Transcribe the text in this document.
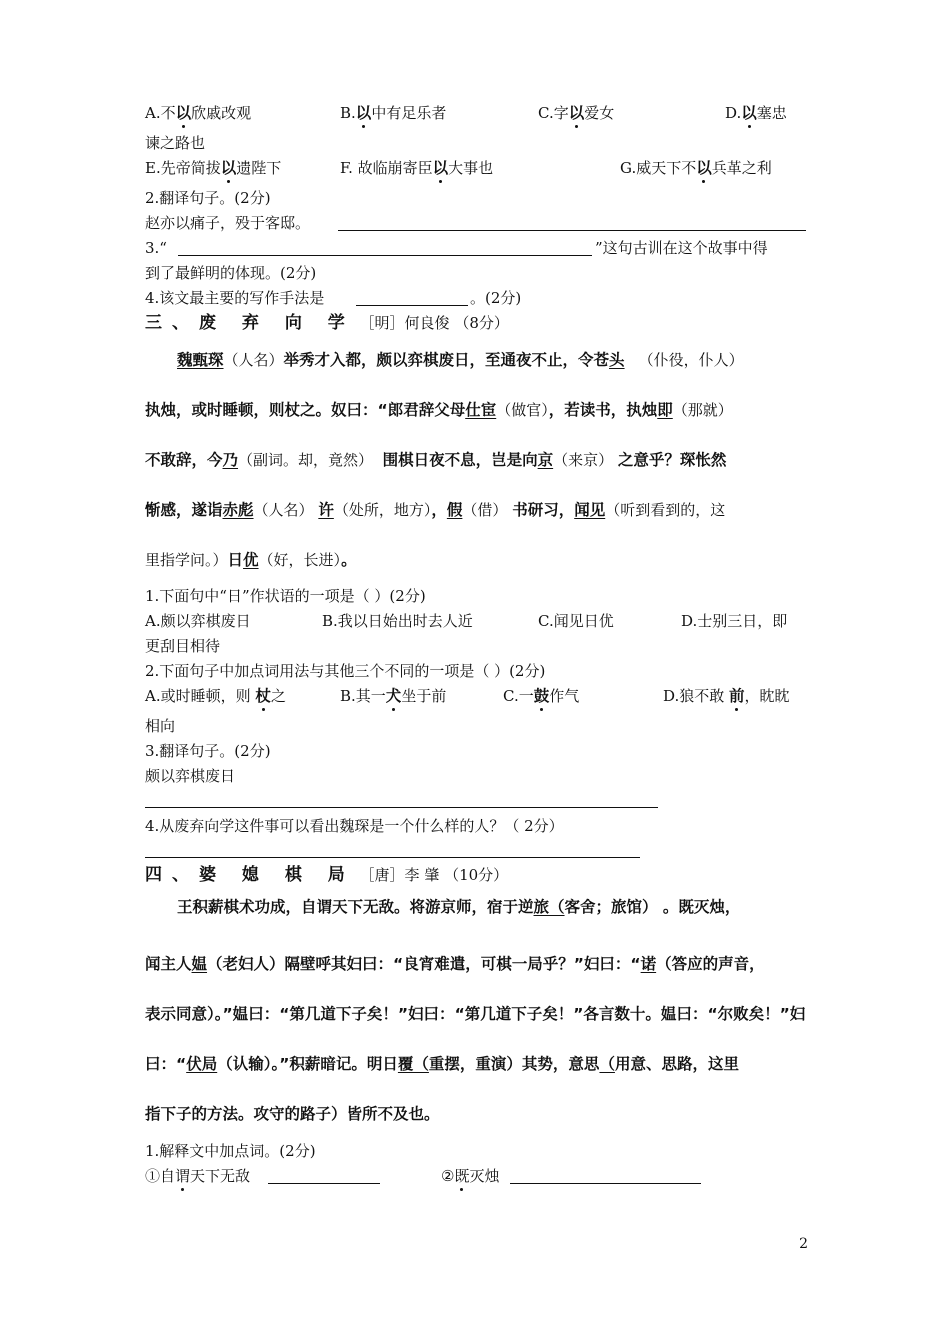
A.不以欣戚改观	B.以中有足乐者	C.字以爱女	D.以塞忠
谏之路也
E.先帝简拔以遗陛下	F. 故临崩寄臣以大事也	G.威天下不以兵革之利
2.翻译句子。(2分)
赵亦以痛子，殁于客邸。
3.“	”这句古训在这个故事中得
到了最鲜明的体现。(2分)
4.该文最主要的写作手法是	。(2分)
三、废 弃 向 学 ［明］何良俊 （8分）
魏甄琛（人名）举秀才入都，颇以弈棋废日，至通夜不止，令苍头 （仆役，仆人）
执烛，或时睡顿，则杖之。奴曰：“郎君辞父母仕宦（做官），若读书，执烛即（那就）
不敢辞，今乃（副词。却，竟然） 围棋日夜不息，岂是向京（来京） 之意乎？琛怅然
惭感，遂诣赤彪（人名） 许（处所，地方），假（借） 书研习，闻见（听到看到的，这
里指学问。）日优（好，长进）。
1.下面句中“日”作状语的一项是（ ）(2分)
A.颇以弈棋废日	B.我以日始出时去人近	C.闻见日优	D.士别三日，即
更刮目相待
2.下面句子中加点词用法与其他三个不同的一项是（ ）(2分)
A.或时睡顿，则 杖之	B.其一犬坐于前	C.一鼓作气	D.狼不敢 前，眈眈
相向
3.翻译句子。(2分)
颇以弈棋废日
4.从废弃向学这件事可以看出魏琛是一个什么样的人？（ 2分）
四、婆 媳 棋 局 ［唐］李 肇 （10分）
王积薪棋术功成，自谓天下无敌。将游京师，宿于逆旅（客舍；旅馆） 。既灭烛，
闻主人媪（老妇人）隔壁呼其妇曰：“良宵难遣，可棋一局乎？”妇曰：“诺（答应的声音，
表示同意）。”媪曰：“第几道下子矣！”妇曰：“第几道下子矣！”各言数十。媪曰：“尔败矣！”妇
曰：“伏局（认输）。”积薪暗记。明日覆（重摆，重演）其势，意思（用意、思路，这里
指下子的方法。攻守的路子）皆所不及也。
1.解释文中加点词。(2分)
①自谓天下无敌	②既灭烛
2
